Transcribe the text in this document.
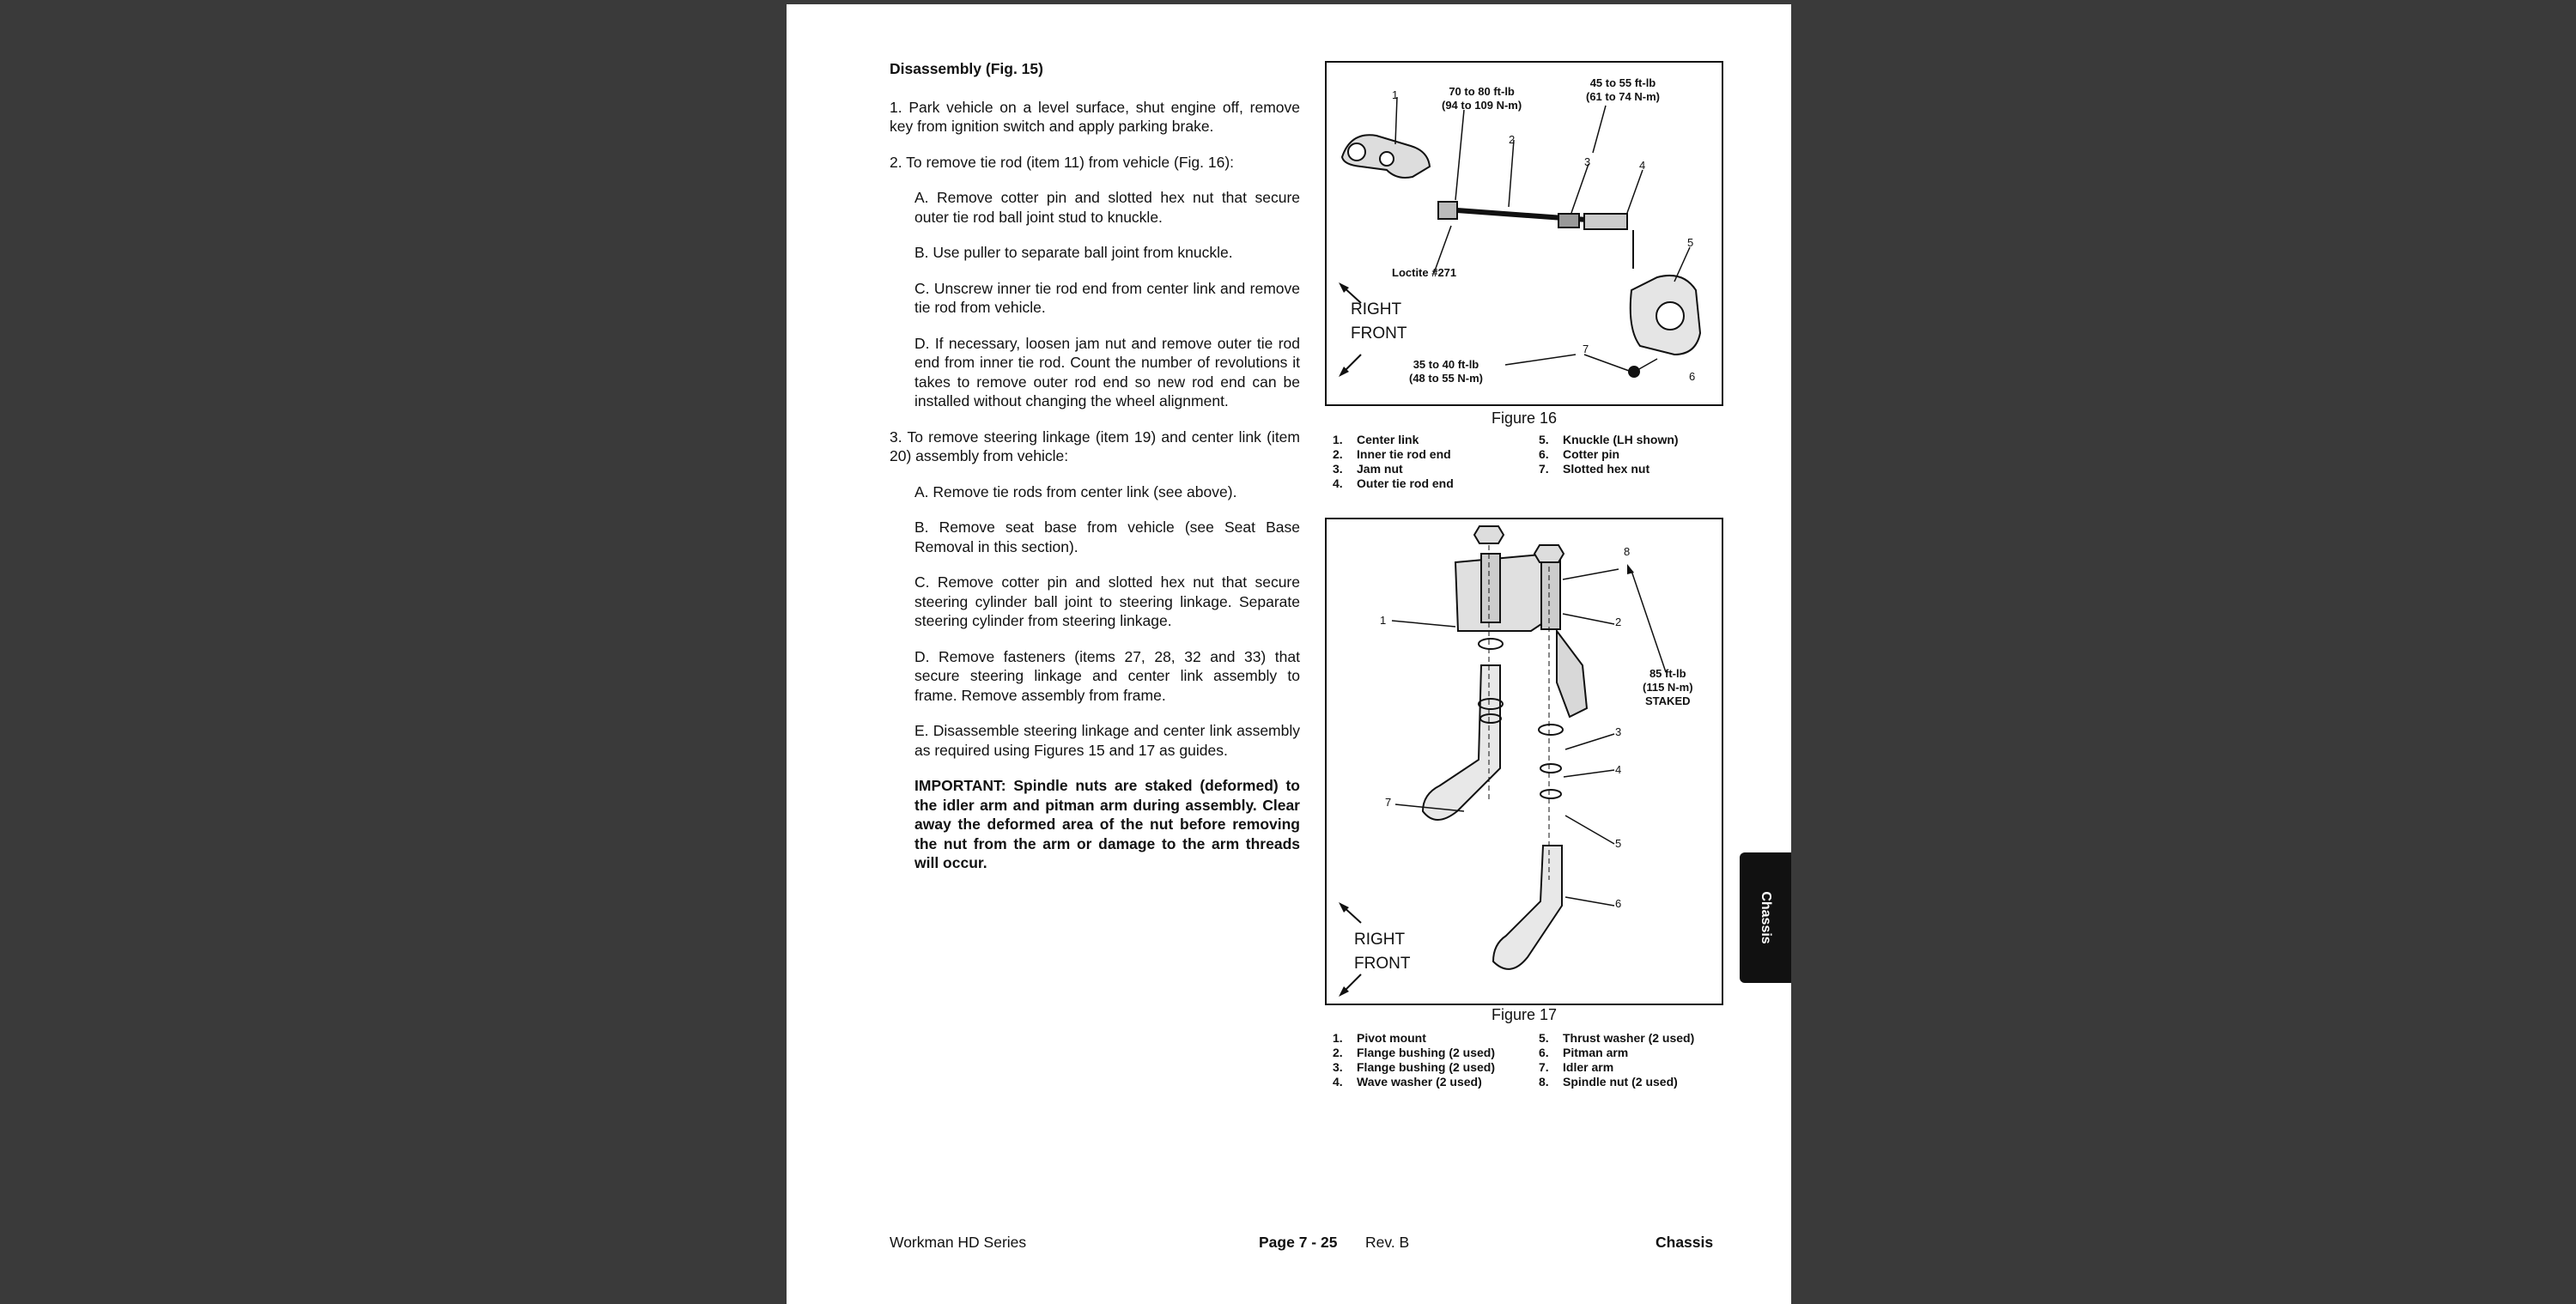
Disassembly (Fig. 15)

1. Park vehicle on a level surface, shut engine off, remove key from ignition switch and apply parking brake.

2. To remove tie rod (item 11) from vehicle (Fig. 16):

A. Remove cotter pin and slotted hex nut that secure outer tie rod ball joint stud to knuckle.

B. Use puller to separate ball joint from knuckle.

C. Unscrew inner tie rod end from center link and remove tie rod from vehicle.

D. If necessary, loosen jam nut and remove outer tie rod end from inner tie rod. Count the number of revolutions it takes to remove outer rod end so new rod end can be installed without changing the wheel alignment.

3. To remove steering linkage (item 19) and center link (item 20) assembly from vehicle:

A. Remove tie rods from center link (see above).

B. Remove seat base from vehicle (see Seat Base Removal in this section).

C. Remove cotter pin and slotted hex nut that secure steering cylinder ball joint to steering linkage. Separate steering cylinder from steering linkage.

D. Remove fasteners (items 27, 28, 32 and 33) that secure steering linkage and center link assembly to frame. Remove assembly from frame.

E. Disassemble steering linkage and center link assembly as required using Figures 15 and 17 as guides.

IMPORTANT: Spindle nuts are staked (deformed) to the idler arm and pitman arm during assembly. Clear away the deformed area of the nut before removing the nut from the arm or damage to the arm threads will occur.

70 to 80 ft-lb
(94 to 109 N-m)
45 to 55 ft-lb
(61 to 74 N-m)
35 to 40 ft-lb
(48 to 55 N-m)
Loctite #271
RIGHT
FRONT
1
2
3	4
5
6
7
Figure 16
1. Center link
2. Inner tie rod end
3. Jam nut
4. Outer tie rod end
5. Knuckle (LH shown)
6. Cotter pin
7. Slotted hex nut
85 ft-lb
(115 N-m)
STAKED
RIGHT
FRONT
1	2
3
4
5
6
7
8
Figure 17
1. Pivot mount
2. Flange bushing (2 used)
3. Flange bushing (2 used)
4. Wave washer (2 used)
5. Thrust washer (2 used)
6. Pitman arm
7. Idler arm
8. Spindle nut (2 used)
Workman HD Series	Page 7 - 25 Rev. B	Chassis
Chassis
